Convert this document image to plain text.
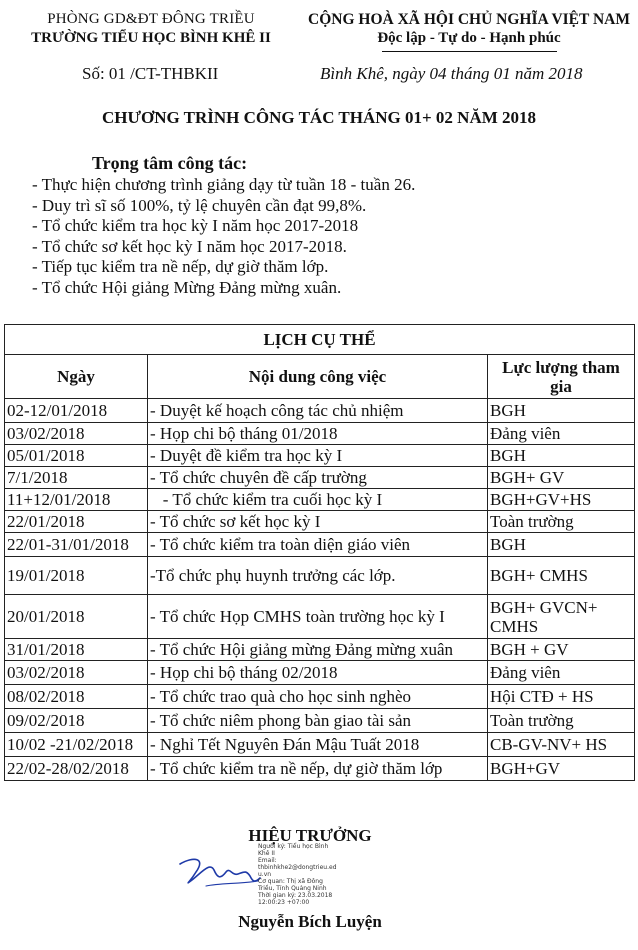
PHÒNG GD&ĐT ĐÔNG TRIỀU
TRƯỜNG TIỂU HỌC BÌNH KHÊ II
CỘNG HOÀ XÃ HỘI CHỦ NGHĨA VIỆT NAM
Độc lập - Tự do - Hạnh phúc
Số: 01 /CT-THBKII	Bình Khê, ngày 04 tháng 01 năm 2018
CHƯƠNG TRÌNH CÔNG TÁC THÁNG 01+ 02 NĂM 2018
Trọng tâm công tác:
- Thực hiện chương trình giảng dạy từ tuần 18 - tuần 26.
- Duy trì sĩ số 100%, tỷ lệ chuyên cần đạt 99,8%.
- Tổ chức kiểm tra học kỳ I năm học 2017-2018
- Tổ chức sơ kết học kỳ I năm học 2017-2018.
- Tiếp tục kiểm tra nề nếp, dự giờ thăm lớp.
- Tổ chức Hội giảng Mừng Đảng mừng xuân.
LỊCH CỤ THỂ		
Ngày	Nội dung công việc	Lực lượng tham gia
02-12/01/2018	- Duyệt kế hoạch công tác chủ nhiệm	BGH
03/02/2018	- Họp chi bộ tháng 01/2018	Đảng viên
05/01/2018	- Duyệt đề kiểm tra học kỳ I	BGH
7/1/2018	- Tổ chức chuyên đề cấp trường	BGH+ GV
11+12/01/2018	- Tổ chức kiểm tra cuối học kỳ I	BGH+GV+HS
22/01/2018	- Tổ chức sơ kết học kỳ I	Toàn trường
22/01-31/01/2018	- Tổ chức kiểm tra toàn diện giáo viên	BGH
19/01/2018	-Tổ chức phụ huynh trưởng các lớp.	BGH+ CMHS
20/01/2018	- Tổ chức Họp CMHS toàn trường học kỳ I	BGH+ GVCN+ CMHS
31/01/2018	- Tổ chức Hội giảng mừng Đảng mừng xuân	BGH + GV
03/02/2018	- Họp chi bộ tháng 02/2018	Đảng viên
08/02/2018	- Tổ chức trao quà cho học sinh nghèo	Hội CTĐ + HS
09/02/2018	- Tổ chức niêm phong bàn giao tài sản	Toàn trường
10/02 -21/02/2018	- Nghỉ Tết Nguyên Đán Mậu Tuất 2018	CB-GV-NV+ HS
22/02-28/02/2018	- Tổ chức kiểm tra nề nếp, dự giờ thăm lớp	BGH+GV
HIỆU TRƯỞNG
Người ký: Tiểu học Bình
Khê II
Email:
thbinhkhe2@dongtrieu.ed
u.vn
Cơ quan: Thị xã Đông
Triều, Tỉnh Quảng Ninh
Thời gian ký: 23.03.2018
12:00:23 +07:00
Nguyễn Bích Luyện
